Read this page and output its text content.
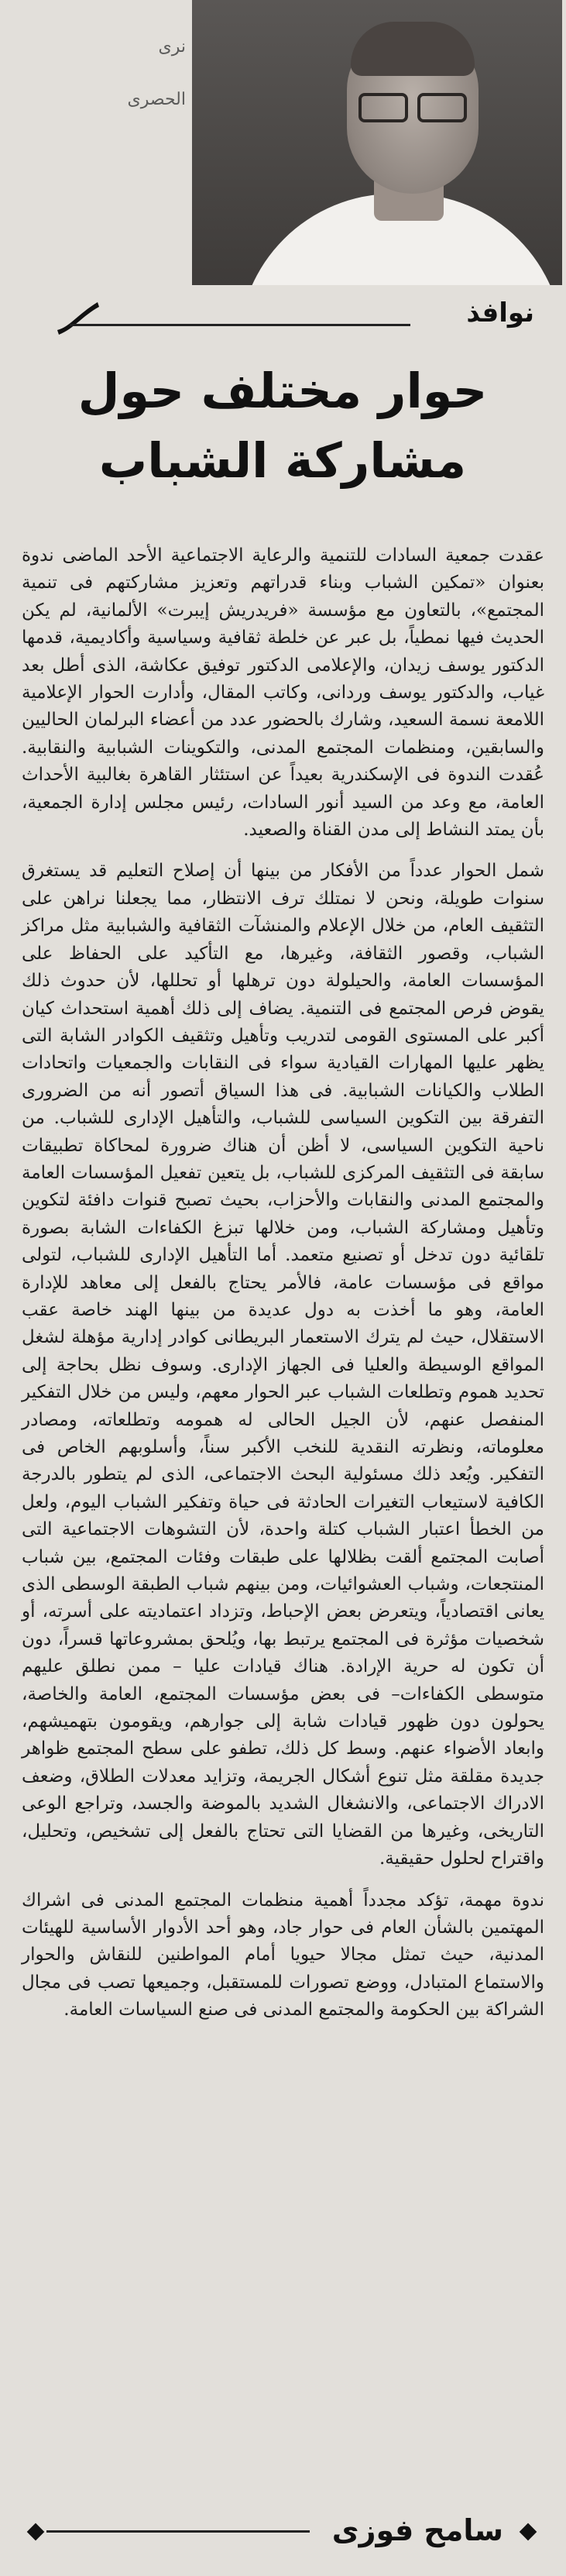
نرى

الحصرى

نوافذ
حوار مختلف حول
مشاركة الشباب

عقدت جمعية السادات للتنمية والرعاية الاجتماعية الأحد الماضى ندوة بعنوان «تمكين الشباب وبناء قدراتهم وتعزيز مشاركتهم فى تنمية المجتمع»، بالتعاون مع مؤسسة «فريدريش إيبرت» الألمانية، لم يكن الحديث فيها نمطياً، بل عبر عن خلطة ثقافية وسياسية وأكاديمية، قدمها الدكتور يوسف زيدان، والإعلامى الدكتور توفيق عكاشة، الذى أطل بعد غياب، والدكتور يوسف وردانى، وكاتب المقال، وأدارت الحوار الإعلامية اللامعة نسمة السعيد، وشارك بالحضور عدد من أعضاء البرلمان الحاليين والسابقين، ومنظمات المجتمع المدنى، والتكوينات الشبابية والنقابية. عُقدت الندوة فى الإسكندرية بعيداً عن استئثار القاهرة بغالبية الأحداث العامة، مع وعد من السيد أنور السادات، رئيس مجلس إدارة الجمعية، بأن يمتد النشاط إلى مدن القناة والصعيد.

شمل الحوار عدداً من الأفكار من بينها أن إصلاح التعليم قد يستغرق سنوات طويلة، ونحن لا نمتلك ترف الانتظار، مما يجعلنا نراهن على التثقيف العام، من خلال الإعلام والمنشآت الثقافية والشبابية مثل مراكز الشباب، وقصور الثقافة، وغيرها، مع التأكيد على الحفاظ على المؤسسات العامة، والحيلولة دون ترهلها أو تحللها، لأن حدوث ذلك يقوض فرص المجتمع فى التنمية. يضاف إلى ذلك أهمية استحداث كيان أكبر على المستوى القومى لتدريب وتأهيل وتثقيف الكوادر الشابة التى يظهر عليها المهارات القيادية سواء فى النقابات والجمعيات واتحادات الطلاب والكيانات الشبابية. فى هذا السياق أتصور أنه من الضرورى التفرقة بين التكوين السياسى للشباب، والتأهيل الإدارى للشباب. من ناحية التكوين السياسى، لا أظن أن هناك ضرورة لمحاكاة تطبيقات سابقة فى التثقيف المركزى للشباب، بل يتعين تفعيل المؤسسات العامة والمجتمع المدنى والنقابات والأحزاب، بحيث تصبح قنوات دافئة لتكوين وتأهيل ومشاركة الشباب، ومن خلالها تبزغ الكفاءات الشابة بصورة تلقائية دون تدخل أو تصنيع متعمد. أما التأهيل الإدارى للشباب، لتولى مواقع فى مؤسسات عامة، فالأمر يحتاج بالفعل إلى معاهد للإدارة العامة، وهو ما أخذت به دول عديدة من بينها الهند خاصة عقب الاستقلال، حيث لم يترك الاستعمار البريطانى كوادر إدارية مؤهلة لشغل المواقع الوسيطة والعليا فى الجهاز الإدارى. وسوف نظل بحاجة إلى تحديد هموم وتطلعات الشباب عبر الحوار معهم، وليس من خلال التفكير المنفصل عنهم، لأن الجيل الحالى له همومه وتطلعاته، ومصادر معلوماته، ونظرته النقدية للنخب الأكبر سناً، وأسلوبهم الخاص فى التفكير. ويُعد ذلك مسئولية البحث الاجتماعى، الذى لم يتطور بالدرجة الكافية لاستيعاب التغيرات الحادثة فى حياة وتفكير الشباب اليوم، ولعل من الخطأ اعتبار الشباب كتلة واحدة، لأن التشوهات الاجتماعية التى أصابت المجتمع ألقت بظلالها على طبقات وفئات المجتمع، بين شباب المنتجعات، وشباب العشوائيات، ومن بينهم شباب الطبقة الوسطى الذى يعانى اقتصادياً، ويتعرض بعض الإحباط، وتزداد اعتماديته على أسرته، أو شخصيات مؤثرة فى المجتمع يرتبط بها، ويُلحق بمشروعاتها قسراً، دون أن تكون له حرية الإرادة. هناك قيادات عليا – ممن نطلق عليهم متوسطى الكفاءات– فى بعض مؤسسات المجتمع، العامة والخاصة، يحولون دون ظهور قيادات شابة إلى جوارهم، ويقومون بتهميشهم، وابعاد الأضواء عنهم. وسط كل ذلك، تطفو على سطح المجتمع ظواهر جديدة مقلقة مثل تنوع أشكال الجريمة، وتزايد معدلات الطلاق، وضعف الادراك الاجتماعى، والانشغال الشديد بالموضة والجسد، وتراجع الوعى التاريخى، وغيرها من القضايا التى تحتاج بالفعل إلى تشخيص، وتحليل، واقتراح لحلول حقيقية.

ندوة مهمة، تؤكد مجدداً أهمية منظمات المجتمع المدنى فى اشراك المهتمين بالشأن العام فى حوار جاد، وهو أحد الأدوار الأساسية للهيئات المدنية، حيث تمثل مجالا حيويا أمام المواطنين للنقاش والحوار والاستماع المتبادل، ووضع تصورات للمستقبل، وجميعها تصب فى مجال الشراكة بين الحكومة والمجتمع المدنى فى صنع السياسات العامة.

سامح فوزى
